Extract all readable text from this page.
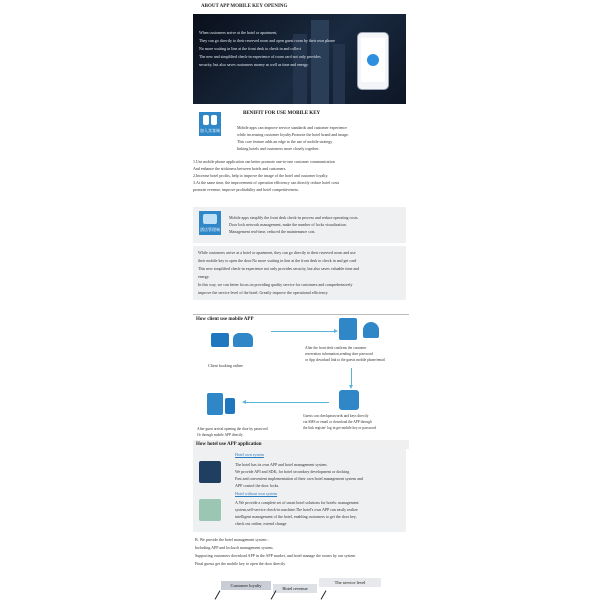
ABOUT APP MOBILE KEY OPENING
When customers arrive at the hotel or apartment,
They can go directly to their reserved room and open guest room by their own phone
No more waiting in line at the front desk to check in and collect
The new and simplified check-in experience of room card not only provides
security, but also saves customers money as well as time and energy.
BENIFIT FOR USE MOBILE KEY
加入宾客端
Mobile apps can improve service standards and customer experience
while increasing customer loyalty.Promote the hotel brand and image.
This core feature adds an edge to the use of mobile strategy
linking hotels and customers more closely together.
1.Use mobile phone application can better promote one-to-one customer communication
And enhance the stickiness between hotels and customers.
2.Increase hotel profits, help to improve the image of the hotel and customer loyalty.
3.At the same time, the improvement of operation efficiency can directly reduce hotel costs
promote revenue, improve profitability and hotel competitiveness.
酒店管理端
Mobile apps simplify the front desk check-in process and reduce operating costs.
Door lock network management, make the number of locks visualization.
Management real-time, reduced the maintenance cost.
While customers arrive at a hotel or apartment, they can go directly to their reserved room and use
their mobile key to open the door.No more waiting in line at the front desk to check in and get card
This new simplified check-in experience not only provides security, but also saves valuable time and
energy.
In this way, we can better focus on providing quality service for customers and comprehensively
improve the service level of the hotel. Greatly improve the operational efficiency.
How client use mobile APP
Client booking online
After the front desk confirms the customer
reservation information,sending door password
or App download link to the guests mobile phone/email
Guests can checkpasswords and keys directly
via SMS or email or download the APP through
the link register' log in get mobile key or password
After guest arrival opening the door by password
Or through mobile APP directly
How hotel use APP application
Hotel own system
The hotel has its own APP and hotel management system.
We provide API and SDK, for hotel secondary development or docking
Fast and convenient implementation of their own hotel management system and
APP control the door locks.
Hotel without own system
A.We provide a complete set of smart hotel solutions for hotels: management
system,self-service check-in machine.The hotel's own APP can easily realize
intelligent management of the hotel, enabling customers to get the door key,
check out online, extend change
B. We provide the hotel management system :
Including APP and locksoft management system.
Supporting customers download APP in the APP market, and hotel manage the rooms by our system
Final guests get the mobile key to open the door directly
Customer loyalty
Hotel revenue
The service level
